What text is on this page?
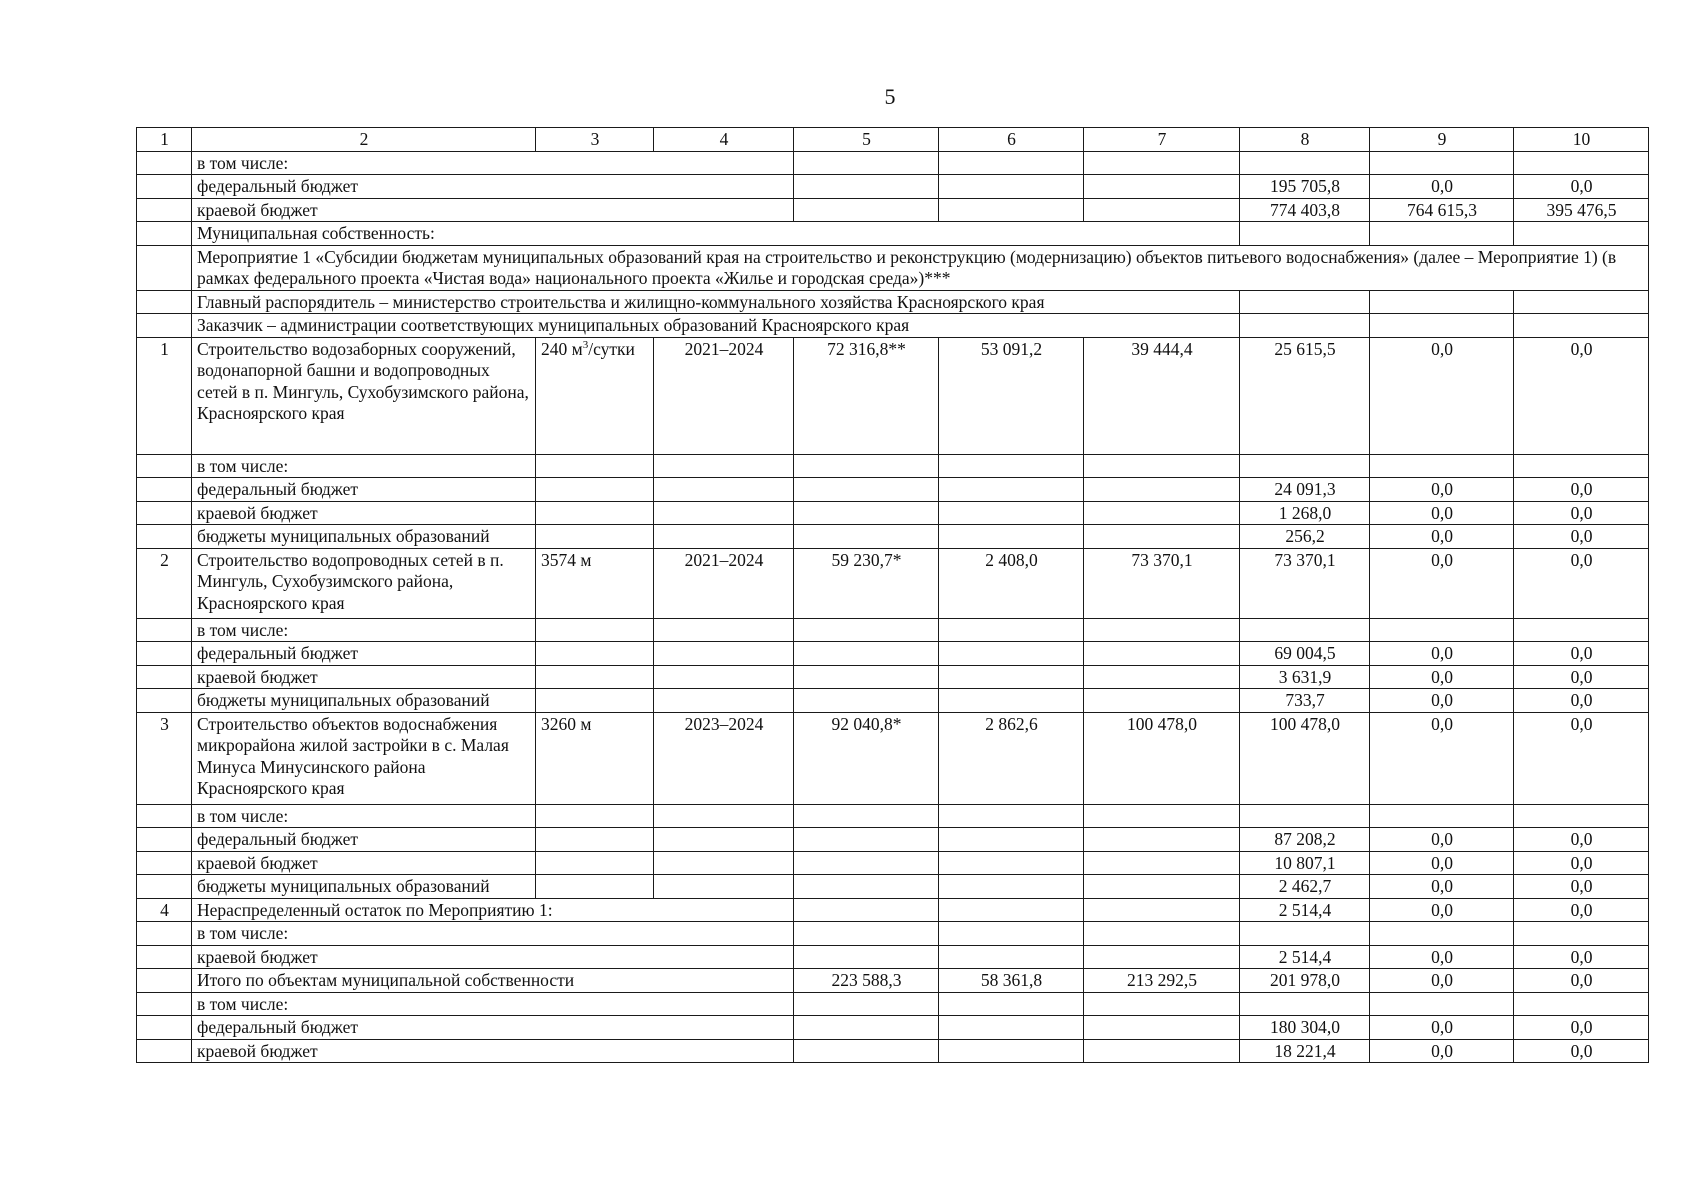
5
1	2	3	4	5	6	7	8	9	10
	в том числе:								
	федеральный бюджет						195 705,8	0,0	0,0
	краевой бюджет						774 403,8	764 615,3	395 476,5
	Муниципальная собственность:								
	Мероприятие 1 «Субсидии бюджетам муниципальных образований края на строительство и реконструкцию (модернизацию) объектов питьевого водоснабжения» (далее – Мероприятие 1) (в рамках федерального проекта «Чистая вода» национального проекта «Жилье и городская среда»)***								
	Главный распорядитель – министерство строительства и жилищно-коммунального хозяйства Красноярского края								
	Заказчик – администрации соответствующих муниципальных образований Красноярского края								
1	Строительство водозаборных сооружений, водонапорной башни и водопроводных сетей в п. Мингуль, Сухобузимского района, Красноярского края	240 $м^3$/сутки	2021–2024	72 316,8**	53 091,2	39 444,4	25 615,5	0,0	0,0
	в том числе:								
	федеральный бюджет						24 091,3	0,0	0,0
	краевой бюджет						1 268,0	0,0	0,0
	бюджеты муниципальных образований						256,2	0,0	0,0
2	Строительство водопроводных сетей в п. Мингуль, Сухобузимского района, Красноярского края	3574 м	2021–2024	59 230,7*	2 408,0	73 370,1	73 370,1	0,0	0,0
	в том числе:								
	федеральный бюджет						69 004,5	0,0	0,0
	краевой бюджет						3 631,9	0,0	0,0
	бюджеты муниципальных образований						733,7	0,0	0,0
3	Строительство объектов водоснабжения микрорайона жилой застройки в с. Малая Минуса Минусинского района Красноярского края	3260 м	2023–2024	92 040,8*	2 862,6	100 478,0	100 478,0	0,0	0,0
	в том числе:								
	федеральный бюджет						87 208,2	0,0	0,0
	краевой бюджет						10 807,1	0,0	0,0
	бюджеты муниципальных образований						2 462,7	0,0	0,0
4	Нераспределенный остаток по Мероприятию 1:						2 514,4	0,0	0,0
	в том числе:								
	краевой бюджет						2 514,4	0,0	0,0
	Итого по объектам муниципальной собственности			223 588,3	58 361,8	213 292,5	201 978,0	0,0	0,0
	в том числе:								
	федеральный бюджет						180 304,0	0,0	0,0
	краевой бюджет						18 221,4	0,0	0,0
